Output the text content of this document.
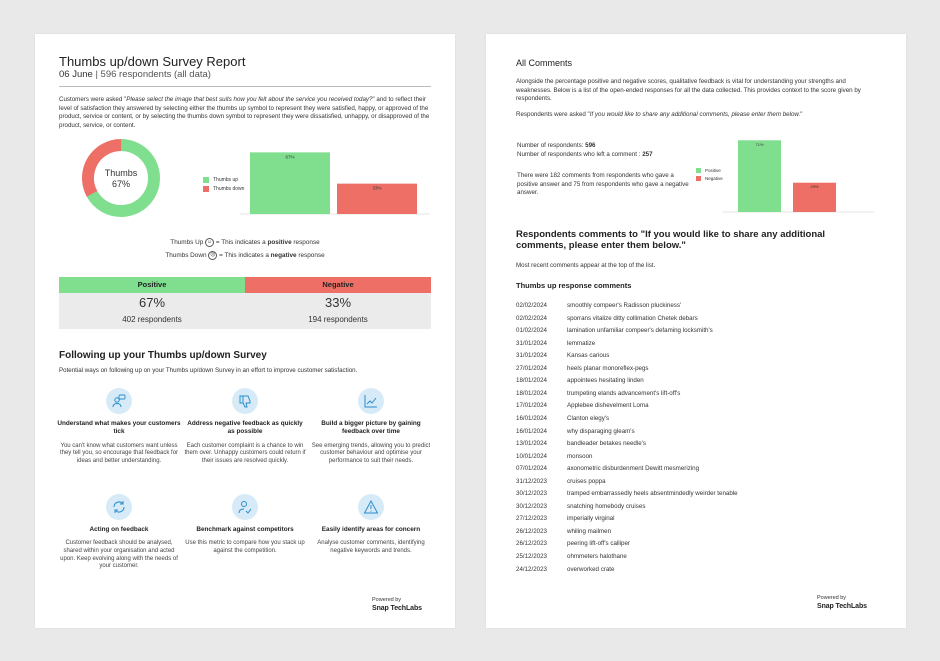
Thumbs up/down Survey Report
06 June | 596 respondents (all data)
Customers were asked "Please select the image that best suits how you felt about the service you received today?" and to reflect their level of satisfaction they answered by selecting either the thumbs up symbol to represent they were satisfied, happy, or approved of the product, service or content, or by selecting the thumbs down symbol to represent they were dissatisfied, unhappy, or disapproved of the product, service, or content.
Thumbs
67%	Thumbs up
Thumbs down
67%
33%
Thumbs Up ☺ = This indicates a positive response
Thumbs Down ☹ = This indicates a negative response
Positive	Negative
67%	33%
402 respondents	194 respondents
Following up your Thumbs up/down Survey
Potential ways on following up on your Thumbs up/down Survey in an effort to improve customer satisfaction.
Understand what makes your customers tick
You can't know what customers want unless they tell you, so encourage that feedback for ideas and better understanding.
Address negative feedback as quickly as possible
Each customer complaint is a chance to win them over. Unhappy customers could return if their issues are resolved quickly.
Build a bigger picture by gaining feedback over time
See emerging trends, allowing you to predict customer behaviour and optimise your performance to suit their needs.
Acting on feedback
Customer feedback should be analysed, shared within your organisation and acted upon. Keep evolving along with the needs of your customer.
Benchmark against competitors
Use this metric to compare how you stack up against the competition.
Easily identify areas for concern
Analyse customer comments, identifying negative keywords and trends.
Powered by
Snap TechLabs
All Comments
Alongside the percentage positive and negative scores, qualitative feedback is vital for understanding your strengths and weaknesses. Below is a list of the open-ended responses for all the data collected. This provides context to the score given by respondents.
Respondents were asked "If you would like to share any additional comments, please enter them below."
Number of respondents: 596
Number of respondents who left a comment : 257
There were 182 comments from respondents who gave a positive answer and 75 from respondents who gave a negative answer.
Positive
Negative
71%
29%
Respondents comments to "If you would like to share any additional comments, please enter them below."
Most recent comments appear at the top of the list.
Thumbs up response comments
02/02/2024	smoothly compeer's Radisson pluckiness'
02/02/2024	sporrans vitalize ditty collimation Chetek debars
01/02/2024	lamination unfamiliar compeer's defaming locksmith's
31/01/2024	lemmatize
31/01/2024	Kansas carious
27/01/2024	heels planar monoreflex-pegs
18/01/2024	appointees hesitating linden
18/01/2024	trumpeting elands advancement's lift-off's
17/01/2024	Applebee dishevelment Loma
16/01/2024	Clanton elegy's
16/01/2024	why disparaging gleam's
13/01/2024	bandleader betakes needle's
10/01/2024	monsoon
07/01/2024	axonometric disburdenment Dewitt mesmerizing
31/12/2023	cruises poppa
30/12/2023	tramped embarrassedly heels absentmindedly weirder tenable
30/12/2023	snatching homebody cruises
27/12/2023	imperially virginal
26/12/2023	whiling mailmen
26/12/2023	peering lift-off's calliper
25/12/2023	ohmmeters halothane
24/12/2023	overworked crate
Powered by
Snap TechLabs
